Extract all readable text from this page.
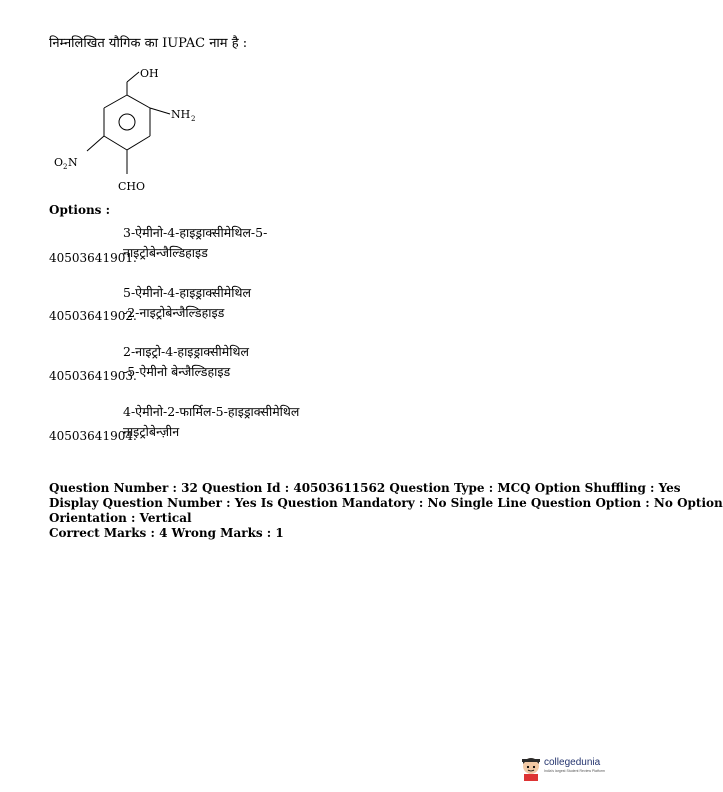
निम्नलिखित यौगिक का IUPAC नाम है :
OH
NH 2
O 2 N
CHO
Options :
3-ऐमीनो-4-हाइड्राक्सीमेथिल-5-
नाइट्रोबेन्जैल्डिहाइड
40503641901.
5-ऐमीनो-4-हाइड्राक्सीमेथिल
-2-नाइट्रोबेन्जैल्डिहाइड
40503641902.
2-नाइट्रो-4-हाइड्राक्सीमेथिल
-5-ऐमीनो बेन्जैल्डिहाइड
40503641903.
4-ऐमीनो-2-फार्मिल-5-हाइड्राक्सीमेथिल
नाइट्रोबेन्ज़ीन
40503641904.
Question Number : 32 Question Id : 40503611562 Question Type : MCQ Option Shuffling : Yes
Display Question Number : Yes Is Question Mandatory : No Single Line Question Option : No Option
Orientation : Vertical
Correct Marks : 4 Wrong Marks : 1
collegedunia
India's largest Student Review Platform
